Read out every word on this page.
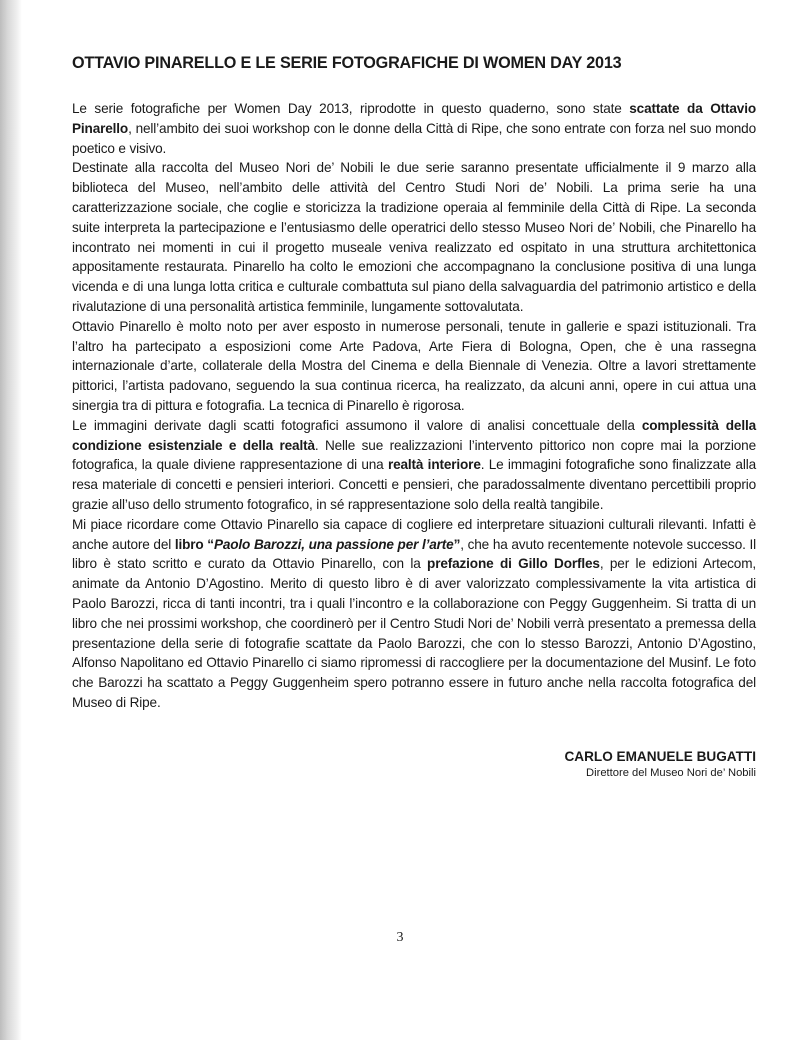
OTTAVIO PINARELLO E LE SERIE FOTOGRAFICHE DI WOMEN DAY 2013

Le serie fotografiche per Women Day 2013, riprodotte in questo quaderno, sono state scattate da Ottavio Pinarello, nell’ambito dei suoi workshop con le donne della Città di Ripe, che sono entrate con forza nel suo mondo poetico e visivo.

Destinate alla raccolta del Museo Nori de’ Nobili le due serie saranno presentate ufficialmente il 9 marzo alla biblioteca del Museo, nell’ambito delle attività del Centro Studi Nori de’ Nobili. La prima serie ha una caratterizzazione sociale, che coglie e storicizza la tradizione operaia al femminile della Città di Ripe. La seconda suite interpreta la partecipazione e l’entusiasmo delle operatrici dello stesso Museo Nori de’ Nobili, che Pinarello ha incontrato nei momenti in cui il progetto museale veniva realizzato ed ospitato in una struttura architettonica appositamente restaurata. Pinarello ha colto le emozioni che accompagnano la conclusione positiva di una lunga vicenda e di una lunga lotta critica e culturale combattuta sul piano della salvaguardia del patrimonio artistico e della rivalutazione di una personalità artistica femminile, lungamente sottovalutata.

Ottavio Pinarello è molto noto per aver esposto in numerose personali, tenute in gallerie e spazi istituzionali. Tra l’altro ha partecipato a esposizioni come Arte Padova, Arte Fiera di Bologna, Open, che è una rassegna internazionale d’arte, collaterale della Mostra del Cinema e della Biennale di Venezia. Oltre a lavori strettamente pittorici, l’artista padovano, seguendo la sua continua ricerca, ha realizzato, da alcuni anni, opere in cui attua una sinergia tra di pittura e fotografia. La tecnica di Pinarello è rigorosa.

Le immagini derivate dagli scatti fotografici assumono il valore di analisi concettuale della complessità della condizione esistenziale e della realtà. Nelle sue realizzazioni l’intervento pittorico non copre mai la porzione fotografica, la quale diviene rappresentazione di una realtà interiore. Le immagini fotografiche sono finalizzate alla resa materiale di concetti e pensieri interiori. Concetti e pensieri, che paradossalmente diventano percettibili proprio grazie all’uso dello strumento fotografico, in sé rappresentazione solo della realtà tangibile.

Mi piace ricordare come Ottavio Pinarello sia capace di cogliere ed interpretare situazioni culturali rilevanti. Infatti è anche autore del libro “Paolo Barozzi, una passione per l’arte”, che ha avuto recentemente notevole successo. Il libro è stato scritto e curato da Ottavio Pinarello, con la prefazione di Gillo Dorfles, per le edizioni Artecom, animate da Antonio D’Agostino. Merito di questo libro è di aver valorizzato complessivamente la vita artistica di Paolo Barozzi, ricca di tanti incontri, tra i quali l’incontro e la collaborazione con Peggy Guggenheim. Si tratta di un libro che nei prossimi workshop, che coordinerò per il Centro Studi Nori de’ Nobili verrà presentato a premessa della presentazione della serie di fotografie scattate da Paolo Barozzi, che con lo stesso Barozzi, Antonio D’Agostino, Alfonso Napolitano ed Ottavio Pinarello ci siamo ripromessi di raccogliere per la documentazione del Musinf. Le foto che Barozzi ha scattato a Peggy Guggenheim spero potranno essere in futuro anche nella raccolta fotografica del Museo di Ripe.

CARLO EMANUELE BUGATTI
Direttore del Museo Nori de’ Nobili
3
